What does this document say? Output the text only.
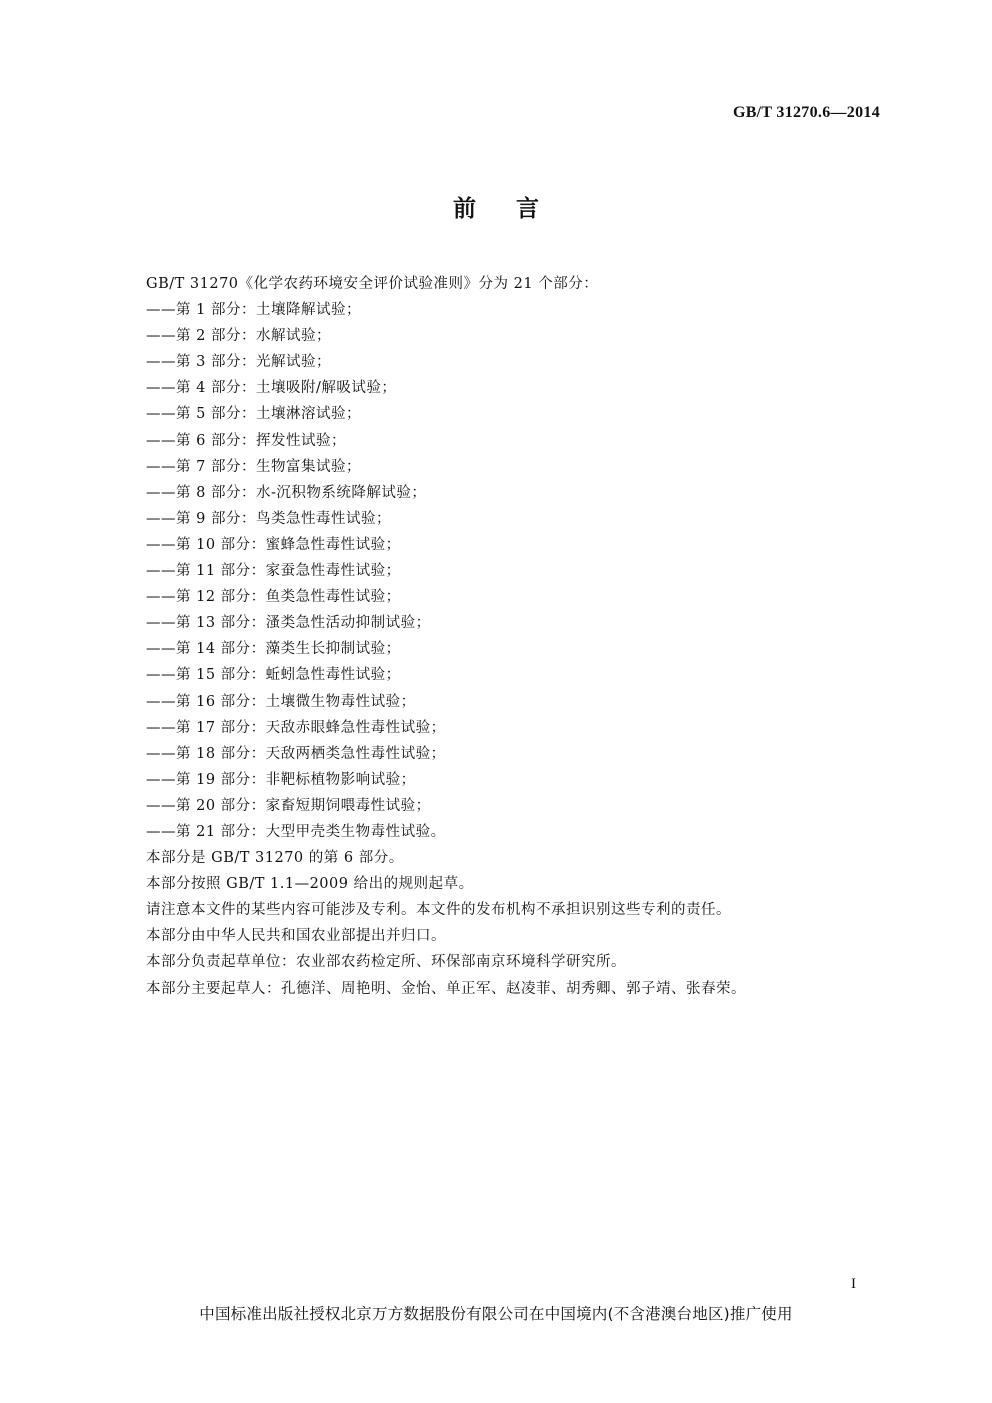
GB/T 31270.6—2014
前言
GB/T 31270《化学农药环境安全评价试验准则》分为 21 个部分：
——第 1 部分：土壤降解试验；
——第 2 部分：水解试验；
——第 3 部分：光解试验；
——第 4 部分：土壤吸附/解吸试验；
——第 5 部分：土壤淋溶试验；
——第 6 部分：挥发性试验；
——第 7 部分：生物富集试验；
——第 8 部分：水-沉积物系统降解试验；
——第 9 部分：鸟类急性毒性试验；
——第 10 部分：蜜蜂急性毒性试验；
——第 11 部分：家蚕急性毒性试验；
——第 12 部分：鱼类急性毒性试验；
——第 13 部分：溞类急性活动抑制试验；
——第 14 部分：藻类生长抑制试验；
——第 15 部分：蚯蚓急性毒性试验；
——第 16 部分：土壤微生物毒性试验；
——第 17 部分：天敌赤眼蜂急性毒性试验；
——第 18 部分：天敌两栖类急性毒性试验；
——第 19 部分：非靶标植物影响试验；
——第 20 部分：家畜短期饲喂毒性试验；
——第 21 部分：大型甲壳类生物毒性试验。
本部分是 GB/T 31270 的第 6 部分。
本部分按照 GB/T 1.1—2009 给出的规则起草。
请注意本文件的某些内容可能涉及专利。本文件的发布机构不承担识别这些专利的责任。
本部分由中华人民共和国农业部提出并归口。
本部分负责起草单位：农业部农药检定所、环保部南京环境科学研究所。
本部分主要起草人：孔德洋、周艳明、金怡、单正军、赵凌菲、胡秀卿、郭子靖、张春荣。
I
中国标准出版社授权北京万方数据股份有限公司在中国境内(不含港澳台地区)推广使用
